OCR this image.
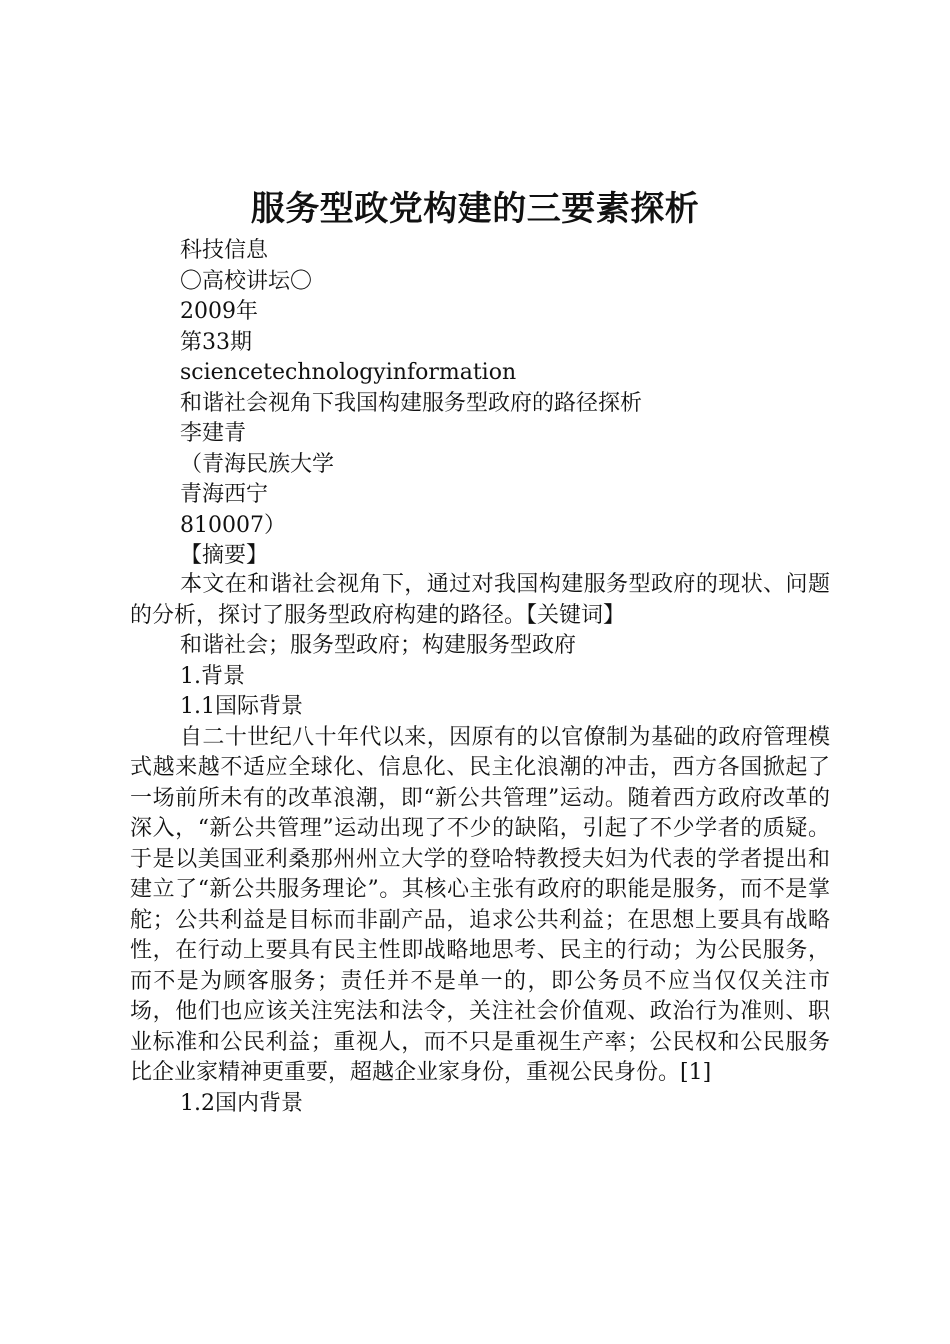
服务型政党构建的三要素探析
科技信息
〇高校讲坛〇
2009年
第33期
sciencetechnologyinformation
和谐社会视角下我国构建服务型政府的路径探析
李建青
（青海民族大学
青海西宁
810007）
【摘要】

本文在和谐社会视角下，通过对我国构建服务型政府的现状、问题的分析，探讨了服务型政府构建的路径。【关键词】

和谐社会；服务型政府；构建服务型政府

1.背景
1.1国际背景

自二十世纪八十年代以来，因原有的以官僚制为基础的政府管理模式越来越不适应全球化、信息化、民主化浪潮的冲击，西方各国掀起了一场前所未有的改革浪潮，即“新公共管理”运动。随着西方政府改革的深入，“新公共管理”运动出现了不少的缺陷，引起了不少学者的质疑。于是以美国亚利桑那州州立大学的登哈特教授夫妇为代表的学者提出和建立了“新公共服务理论”。其核心主张有政府的职能是服务，而不是掌舵；公共利益是目标而非副产品，追求公共利益；在思想上要具有战略性，在行动上要具有民主性即战略地思考、民主的行动；为公民服务，而不是为顾客服务；责任并不是单一的，即公务员不应当仅仅关注市场，他们也应该关注宪法和法令，关注社会价值观、政治行为准则、职业标准和公民利益；重视人，而不只是重视生产率；公民权和公民服务比企业家精神更重要，超越企业家身份，重视公民身份。[1]

1.2国内背景
